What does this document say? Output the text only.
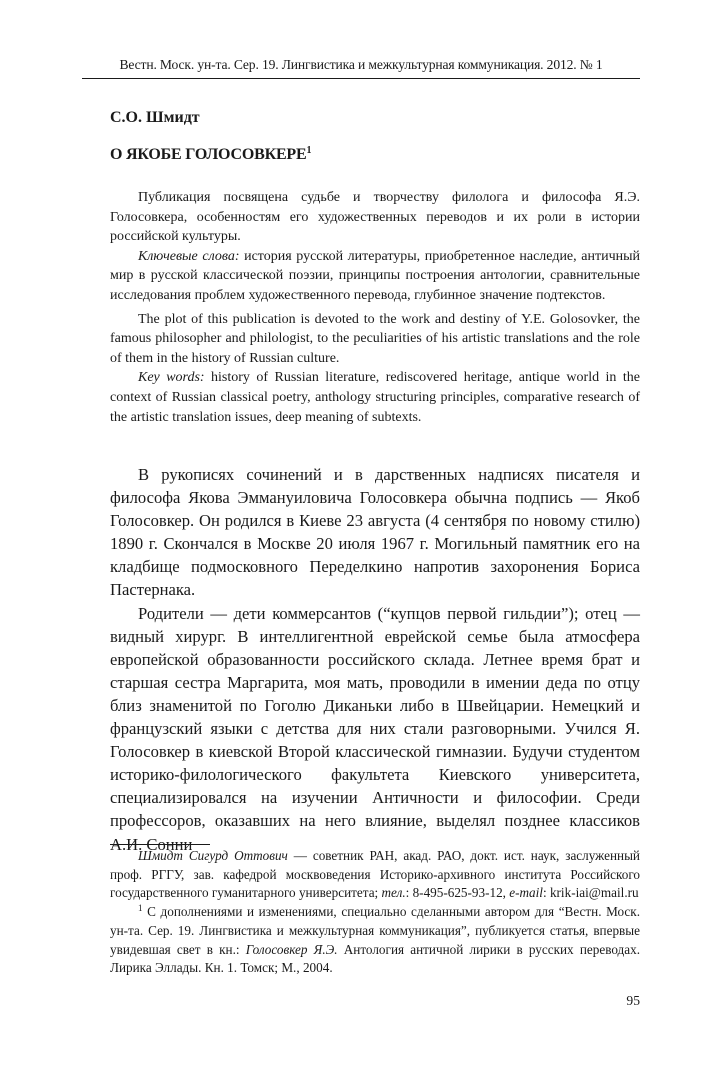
Вестн. Моск. ун-та. Сер. 19. Лингвистика и межкультурная коммуникация. 2012. № 1
С.О. Шмидт
О ЯКОБЕ ГОЛОСОВКЕРЕ$^1$

Публикация посвящена судьбе и творчеству филолога и философа Я.Э. Голосовкера, особенностям его художественных переводов и их роли в истории российской культуры.

Ключевые слова: история русской литературы, приобретенное наследие, античный мир в русской классической поэзии, принципы построения антологии, сравнительные исследования проблем художественного перевода, глубинное значение подтекстов.

The plot of this publication is devoted to the work and destiny of Y.E. Golosovker, the famous philosopher and philologist, to the peculiarities of his artistic translations and the role of them in the history of Russian culture.

Key words: history of Russian literature, rediscovered heritage, antique world in the context of Russian classical poetry, anthology structuring principles, comparative research of the artistic translation issues, deep meaning of subtexts.

В рукописях сочинений и в дарственных надписях писателя и философа Якова Эммануиловича Голосовкера обычна подпись — Якоб Голосовкер. Он родился в Киеве 23 августа (4 сентября по новому стилю) 1890 г. Скончался в Москве 20 июля 1967 г. Могильный памятник его на кладбище подмосковного Переделкино напротив захоронения Бориса Пастернака.

Родители — дети коммерсантов (“купцов первой гильдии”); отец — видный хирург. В интеллигентной еврейской семье была атмосфера европейской образованности российского склада. Летнее время брат и старшая сестра Маргарита, моя мать, проводили в имении деда по отцу близ знаменитой по Гоголю Диканьки либо в Швейцарии. Немецкий и французский языки с детства для них стали разговорными. Учился Я. Голосовкер в киевской Второй классической гимназии. Будучи студентом историко-филологического факультета Киевского университета, специализировался на изучении Античности и философии. Среди профессоров, оказавших на него влияние, выделял позднее классиков А.И. Сонни

Шмидт Сигурд Оттович — советник РАН, акад. РАО, докт. ист. наук, заслуженный проф. РГГУ, зав. кафедрой москвоведения Историко-архивного института Российского государственного гуманитарного университета; тел.: 8-495-625-93-12, e-mail: krik-iai@mail.ru

$^1$ С дополнениями и изменениями, специально сделанными автором для “Вестн. Моск. ун-та. Сер. 19. Лингвистика и межкультурная коммуникация”, публикуется статья, впервые увидевшая свет в кн.: Голосовкер Я.Э. Антология античной лирики в русских переводах. Лирика Эллады. Кн. 1. Томск; М., 2004.

95
